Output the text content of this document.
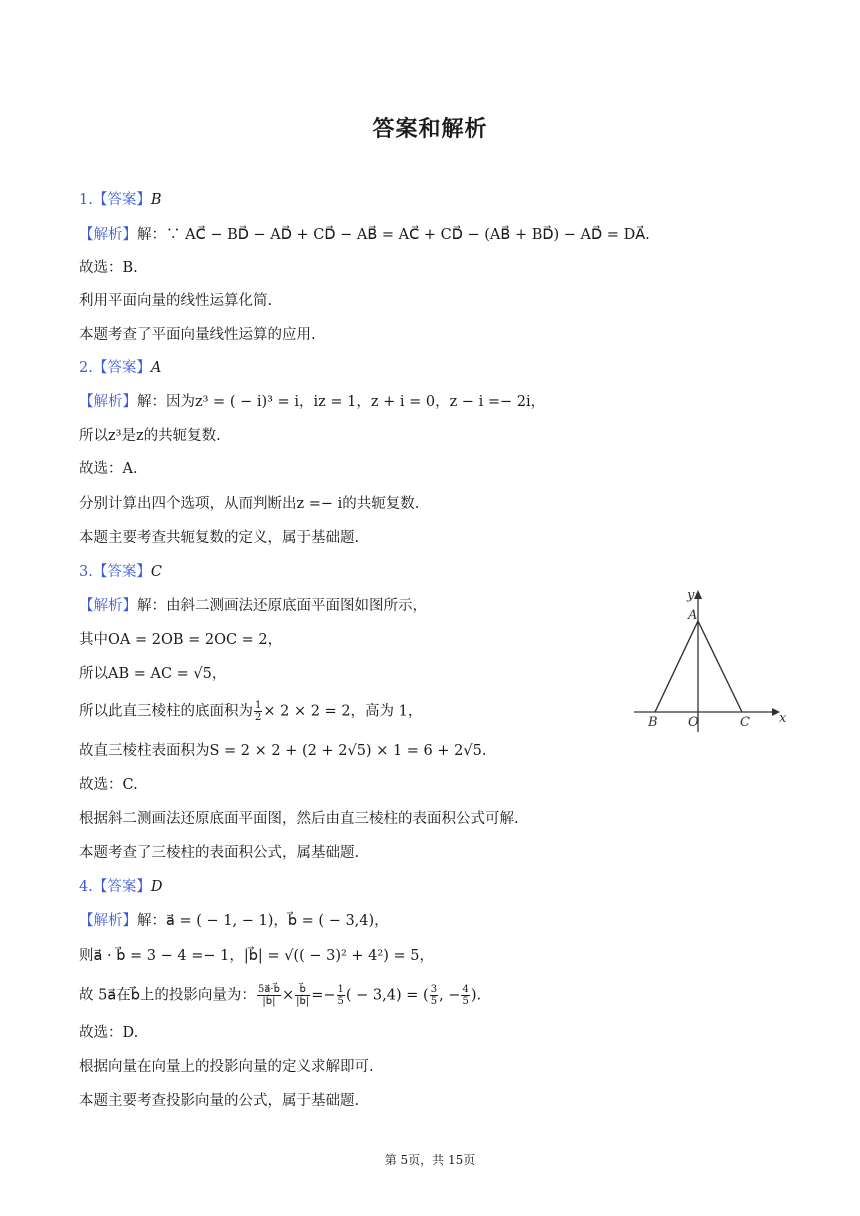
答案和解析
1.【答案】B
【解析】解：∵ AC⃗ − BD⃗ − AD⃗ + CD⃗ − AB⃗ = AC⃗ + CD⃗ − (AB⃗ + BD⃗) − AD⃗ = DA⃗.
故选：B.
利用平面向量的线性运算化简.
本题考查了平面向量线性运算的应用.
2.【答案】A
【解析】解：因为z³ = ( − i)³ = i，iz = 1，z + i = 0，z − i =− 2i，
所以z³是z的共轭复数.
故选：A.
分别计算出四个选项，从而判断出z =− i的共轭复数.
本题主要考查共轭复数的定义，属于基础题.
3.【答案】C
【解析】解：由斜二测画法还原底面平面图如图所示，
其中OA = 2OB = 2OC = 2，
所以AB = AC = √5，
所以此直三棱柱的底面积为 $\frac{1}{2} \times 2 \times 2 = 2$，高为 1，
故直三棱柱表面积为S = 2 × 2 + (2 + 2√5) × 1 = 6 + 2√5.
故选：C.
根据斜二测画法还原底面平面图，然后由直三棱柱的表面积公式可解.
本题考查了三棱柱的表面积公式，属基础题.
y
A
B O	C x
4.【答案】D
【解析】解：a⃗ = ( − 1, − 1)，b⃗ = ( − 3,4)，
则a⃗ · b⃗ = 3 − 4 =− 1，|b⃗| = √(( − 3)² + 4²) = 5，
故 5a⃗在b⃗上的投影向量为： $\frac{5a⃗\cdot b⃗}{|b⃗|} \times \frac{b⃗}{|b⃗|} =- \frac{1}{5}$ ( − 3,4) = ( $\frac{3}{5}$ , − $\frac{4}{5}$ ).
故选：D.
根据向量在向量上的投影向量的定义求解即可.
本题主要考查投影向量的公式，属于基础题.
第 5页，共 15页
